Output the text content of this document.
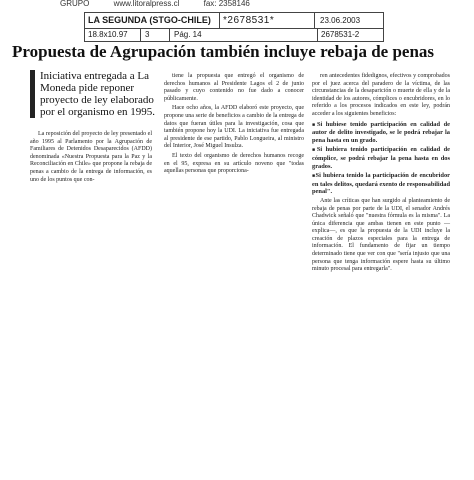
GRUPO	www.litoralpress.cl	fax: 2358146
LA SEGUNDA (STGO-CHILE)	*2678531*	23.06.2003
18.8x10.97	3	Pág. 14	2678531-2
Propuesta de Agrupación también incluye rebaja de penas
Iniciativa entregada a La Moneda pide reponer proyecto de ley elaborado por el organismo en 1995.

La reposición del proyecto de ley presentado el año 1995 al Parlamento por la Agrupación de Familiares de Detenidos Desaparecidos (AFDD) denominada «Nuestra Propuesta para la Paz y la Reconciliación en Chile» que propone la rebaja de penas a cambio de la entrega de información, es uno de los puntos que con-

tiene la propuesta que entregó el organismo de derechos humanos al Presidente Lagos el 2 de junio pasado y cuyo contenido no fue dado a conocer públicamente.

Hace ocho años, la AFDD elaboró este proyecto, que propone una serie de beneficios a cambio de la entrega de datos que fueran útiles para la investigación, cosa que también propone hoy la UDI. La iniciativa fue entregada al presidente de ese partido, Pablo Longueira, al ministro del Interior, José Miguel Insulza.

El texto del organismo de derechos humanos recoge en el 95, expresa en su artículo noveno que "todas aquellas personas que proporciona-

ren antecedentes fidedignos, efectivos y comprobados por el juez acerca del paradero de la víctima, de las circunstancias de la desaparición o muerte de ella y de la identidad de los autores, cómplices o encubridores, en lo referido a los procesos indicados en este ley, podrán acceder a los siguientes beneficios:

■ Si hubiese tenido participación en calidad de autor de delito investigado, se le podrá rebajar la pena hasta en un grado.

■ Si hubiera tenido participación en calidad de cómplice, se podrá rebajar la pena hasta en dos grados.

■ Si hubiera tenido la participación de encubridor en tales delitos, quedará exento de responsabilidad penal".

Ante las críticas que han surgido al planteamiento de rebaja de penas por parte de la UDI, el senador Andrés Chadwick señaló que "nuestra fórmula es la misma". La única diferencia que ambas tienen en este punto —explica—, es que la propuesta de la UDI incluye la creación de plazos especiales para la entrega de información. El fundamento de fijar un tiempo determinado tiene que ver con que "sería injusto que una persona que tenga información espere hasta su último minuto procesal para entregarla".
